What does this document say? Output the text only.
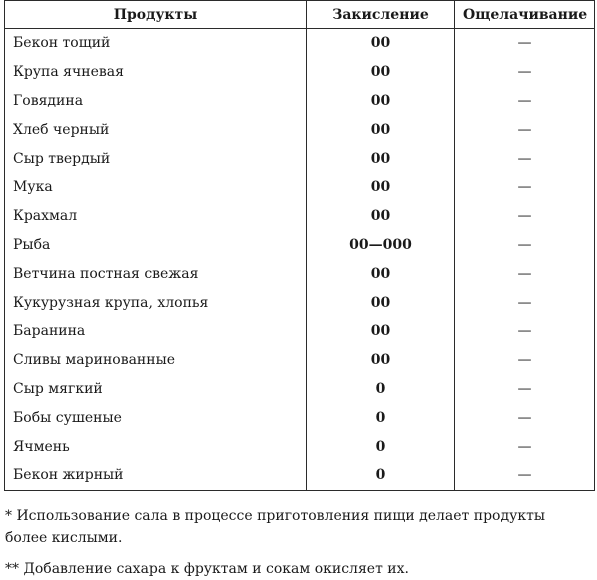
Продукты	Закисление	Ощелачивание
Бекон тощий	00	—
Крупа ячневая	00	—
Говядина	00	—
Хлеб черный	00	—
Сыр твердый	00	—
Мука	00	—
Крахмал	00	—
Рыба	00—000	—
Ветчина постная свежая	00	—
Кукурузная крупа, хлопья	00	—
Баранина	00	—
Сливы маринованные	00	—
Сыр мягкий	0	—
Бобы сушеные	0	—
Ячмень	0	—
Бекон жирный	0	—

* Использование сала в процессе приготовления пищи делает продукты более кислыми.

** Добавление сахара к фруктам и сокам окисляет их.
